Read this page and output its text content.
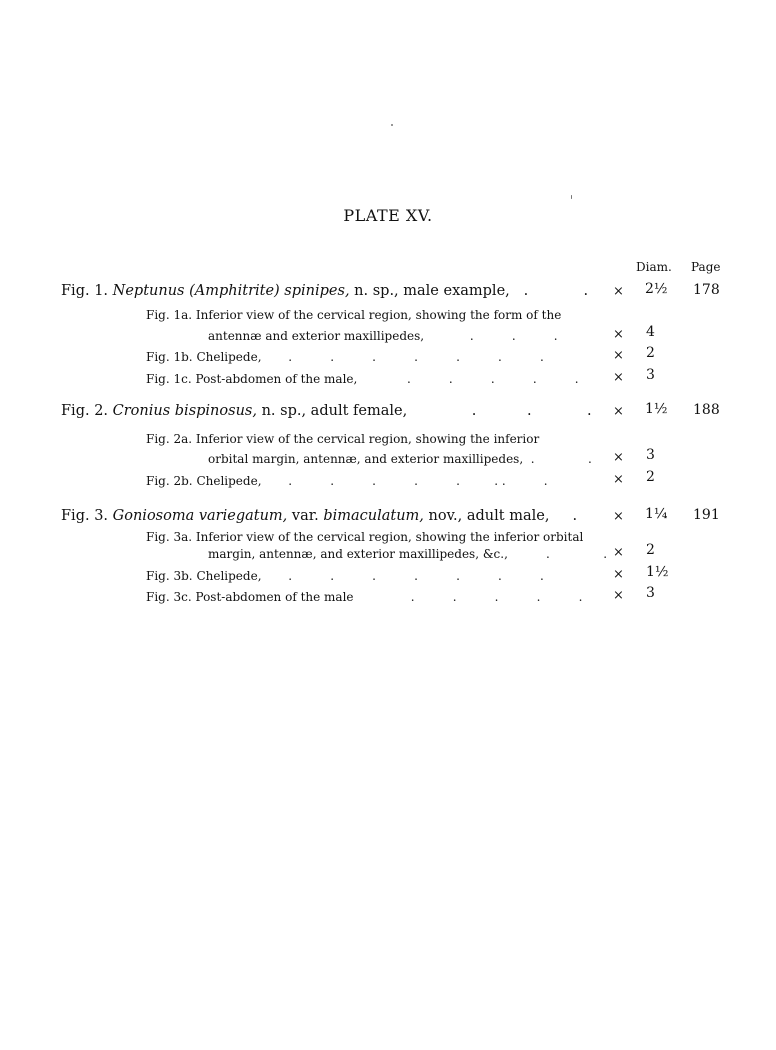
PLATE XV.
Diam. Page
Fig. 1. Neptunus (Amphitrite) spinipes, n. sp., male example,   .            . × 2½ 178
Fig. 1a. Inferior view of the cervical region, showing the form of the
antennæ and exterior maxillipedes,            .          .          .	× 4
Fig. 1b. Chelipede,       .          .          .          .          .          .          .	× 2
Fig. 1c. Post-abdomen of the male,             .          .          .          .          .	× 3
Fig. 2. Cronius bispinosus, n. sp., adult female,              .           .            . × 1½ 188
Fig. 2a. Inferior view of the cervical region, showing the inferior
orbital margin, antennæ, and exterior maxillipedes,  .              . × 3
Fig. 2b. Chelipede,       .          .          .          .          .         . .          .	× 2
Fig. 3. Goniosoma variegatum, var. bimaculatum, nov., adult male,     .	× 1¼ 191
Fig. 3a. Inferior view of the cervical region, showing the inferior orbital
margin, antennæ, and exterior maxillipedes, &c.,          .              . × 2
Fig. 3b. Chelipede,       .          .          .          .          .          .          .	× 1½
Fig. 3c. Post-abdomen of the male               .          .          .          .          . × 3
